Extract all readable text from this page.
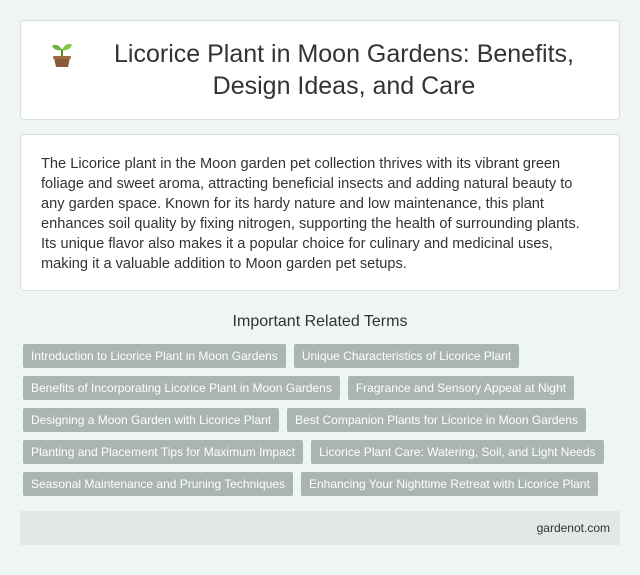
Licorice Plant in Moon Gardens: Benefits, Design Ideas, and Care

The Licorice plant in the Moon garden pet collection thrives with its vibrant green foliage and sweet aroma, attracting beneficial insects and adding natural beauty to any garden space. Known for its hardy nature and low maintenance, this plant enhances soil quality by fixing nitrogen, supporting the health of surrounding plants. Its unique flavor also makes it a popular choice for culinary and medicinal uses, making it a valuable addition to Moon garden pet setups.

Important Related Terms
Introduction to Licorice Plant in Moon Gardens	Unique Characteristics of Licorice Plant
Benefits of Incorporating Licorice Plant in Moon Gardens	Fragrance and Sensory Appeal at Night
Designing a Moon Garden with Licorice Plant	Best Companion Plants for Licorice in Moon Gardens
Planting and Placement Tips for Maximum Impact	Licorice Plant Care: Watering, Soil, and Light Needs
Seasonal Maintenance and Pruning Techniques	Enhancing Your Nighttime Retreat with Licorice Plant
gardenot.com
